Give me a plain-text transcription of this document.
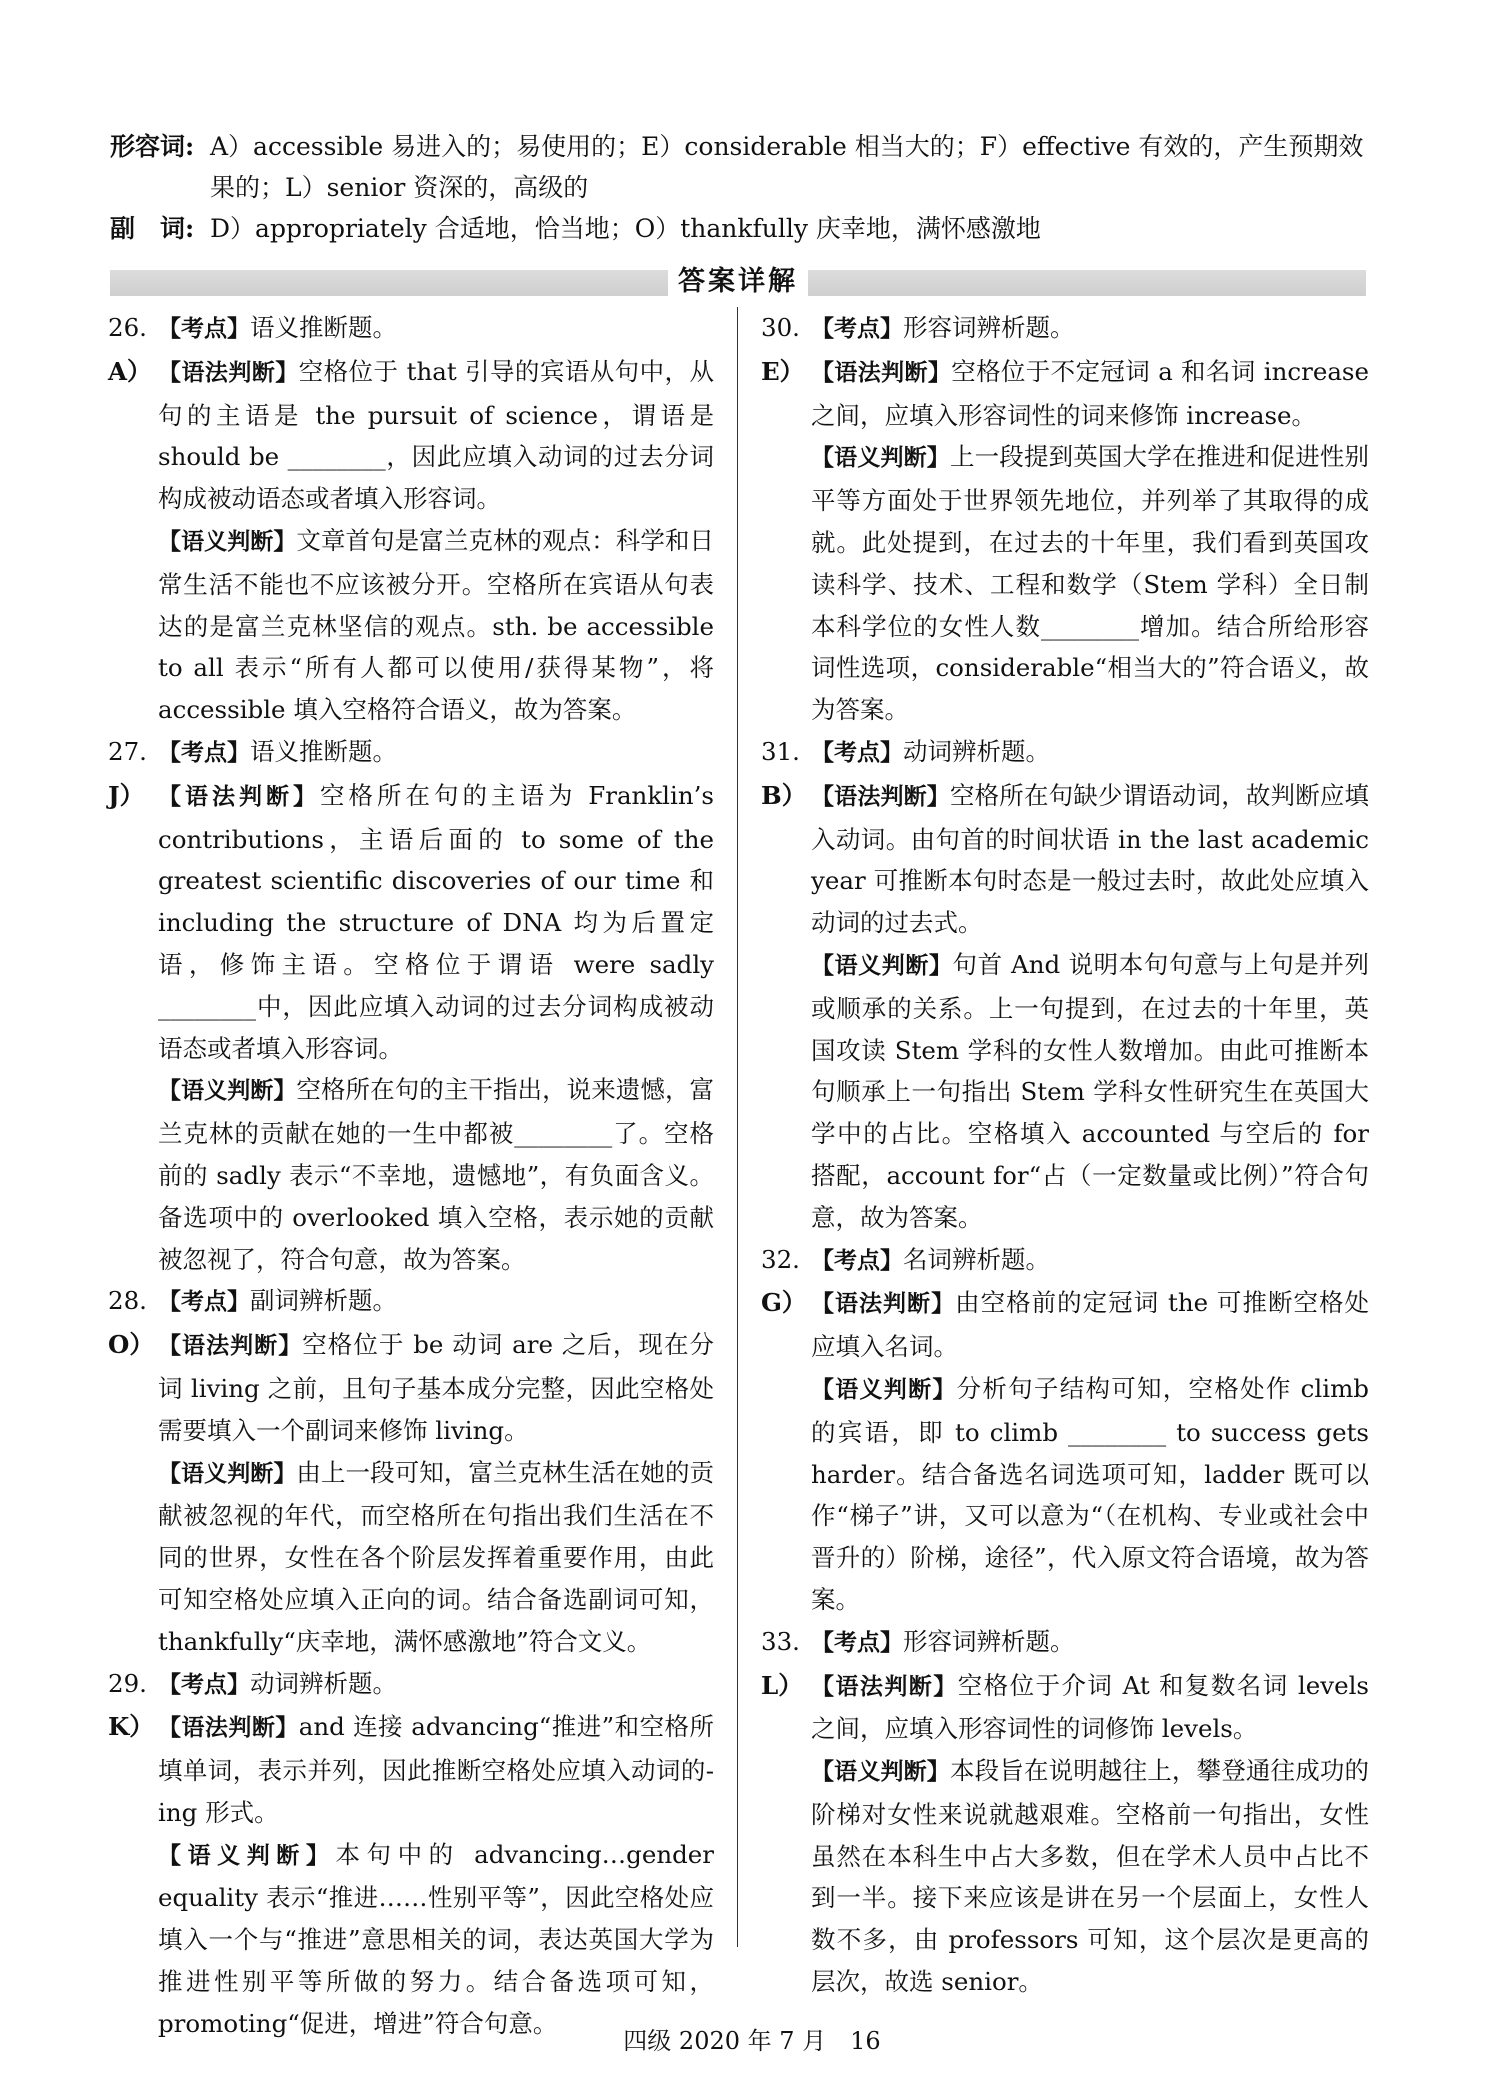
形容词: A）accessible 易进入的；易使用的；E）considerable 相当大的；F）effective 有效的，产生预期效果的；L）senior 资深的，高级的
副　词: D）appropriately 合适地，恰当地；O）thankfully 庆幸地，满怀感激地
答案详解
26. 【考点】语义推断题。
A） 【语法判断】空格位于 that 引导的宾语从句中，从句的主语是 the pursuit of science，谓语是 should be ________，因此应填入动词的过去分词构成被动语态或者填入形容词。
【语义判断】文章首句是富兰克林的观点：科学和日常生活不能也不应该被分开。空格所在宾语从句表达的是富兰克林坚信的观点。sth. be accessible to all 表示“所有人都可以使用/获得某物”，将 accessible 填入空格符合语义，故为答案。
27. 【考点】语义推断题。
J） 【语法判断】空格所在句的主语为 Franklin’s contributions，主语后面的 to some of the greatest scientific discoveries of our time 和 including the structure of DNA 均为后置定语，修饰主语。空格位于谓语 were sadly ________中，因此应填入动词的过去分词构成被动语态或者填入形容词。
【语义判断】空格所在句的主干指出，说来遗憾，富兰克林的贡献在她的一生中都被________了。空格前的 sadly 表示“不幸地，遗憾地”，有负面含义。备选项中的 overlooked 填入空格，表示她的贡献被忽视了，符合句意，故为答案。
28. 【考点】副词辨析题。
O） 【语法判断】空格位于 be 动词 are 之后，现在分词 living 之前，且句子基本成分完整，因此空格处需要填入一个副词来修饰 living。
【语义判断】由上一段可知，富兰克林生活在她的贡献被忽视的年代，而空格所在句指出我们生活在不同的世界，女性在各个阶层发挥着重要作用，由此可知空格处应填入正向的词。结合备选副词可知，thankfully“庆幸地，满怀感激地”符合文义。
29. 【考点】动词辨析题。
K） 【语法判断】and 连接 advancing“推进”和空格所填单词，表示并列，因此推断空格处应填入动词的-ing 形式。
【语义判断】本句中的 advancing…gender equality 表示“推进……性别平等”，因此空格处应填入一个与“推进”意思相关的词，表达英国大学为推进性别平等所做的努力。结合备选项可知，promoting“促进，增进”符合句意。
30. 【考点】形容词辨析题。
E） 【语法判断】空格位于不定冠词 a 和名词 increase 之间，应填入形容词性的词来修饰 increase。
【语义判断】上一段提到英国大学在推进和促进性别平等方面处于世界领先地位，并列举了其取得的成就。此处提到，在过去的十年里，我们看到英国攻读科学、技术、工程和数学（Stem 学科）全日制本科学位的女性人数________增加。结合所给形容词性选项，considerable“相当大的”符合语义，故为答案。
31. 【考点】动词辨析题。
B） 【语法判断】空格所在句缺少谓语动词，故判断应填入动词。由句首的时间状语 in the last academic year 可推断本句时态是一般过去时，故此处应填入动词的过去式。
【语义判断】句首 And 说明本句句意与上句是并列或顺承的关系。上一句提到，在过去的十年里，英国攻读 Stem 学科的女性人数增加。由此可推断本句顺承上一句指出 Stem 学科女性研究生在英国大学中的占比。空格填入 accounted 与空后的 for 搭配，account for“占（一定数量或比例）”符合句意，故为答案。
32. 【考点】名词辨析题。
G） 【语法判断】由空格前的定冠词 the 可推断空格处应填入名词。
【语义判断】分析句子结构可知，空格处作 climb 的宾语，即 to climb ________ to success gets harder。结合备选名词选项可知，ladder 既可以作“梯子”讲，又可以意为“（在机构、专业或社会中晋升的）阶梯，途径”，代入原文符合语境，故为答案。
33. 【考点】形容词辨析题。
L） 【语法判断】空格位于介词 At 和复数名词 levels 之间，应填入形容词性的词修饰 levels。
【语义判断】本段旨在说明越往上，攀登通往成功的阶梯对女性来说就越艰难。空格前一句指出，女性虽然在本科生中占大多数，但在学术人员中占比不到一半。接下来应该是讲在另一个层面上，女性人数不多，由 professors 可知，这个层次是更高的层次，故选 senior。
四级 2020 年 7 月　16
